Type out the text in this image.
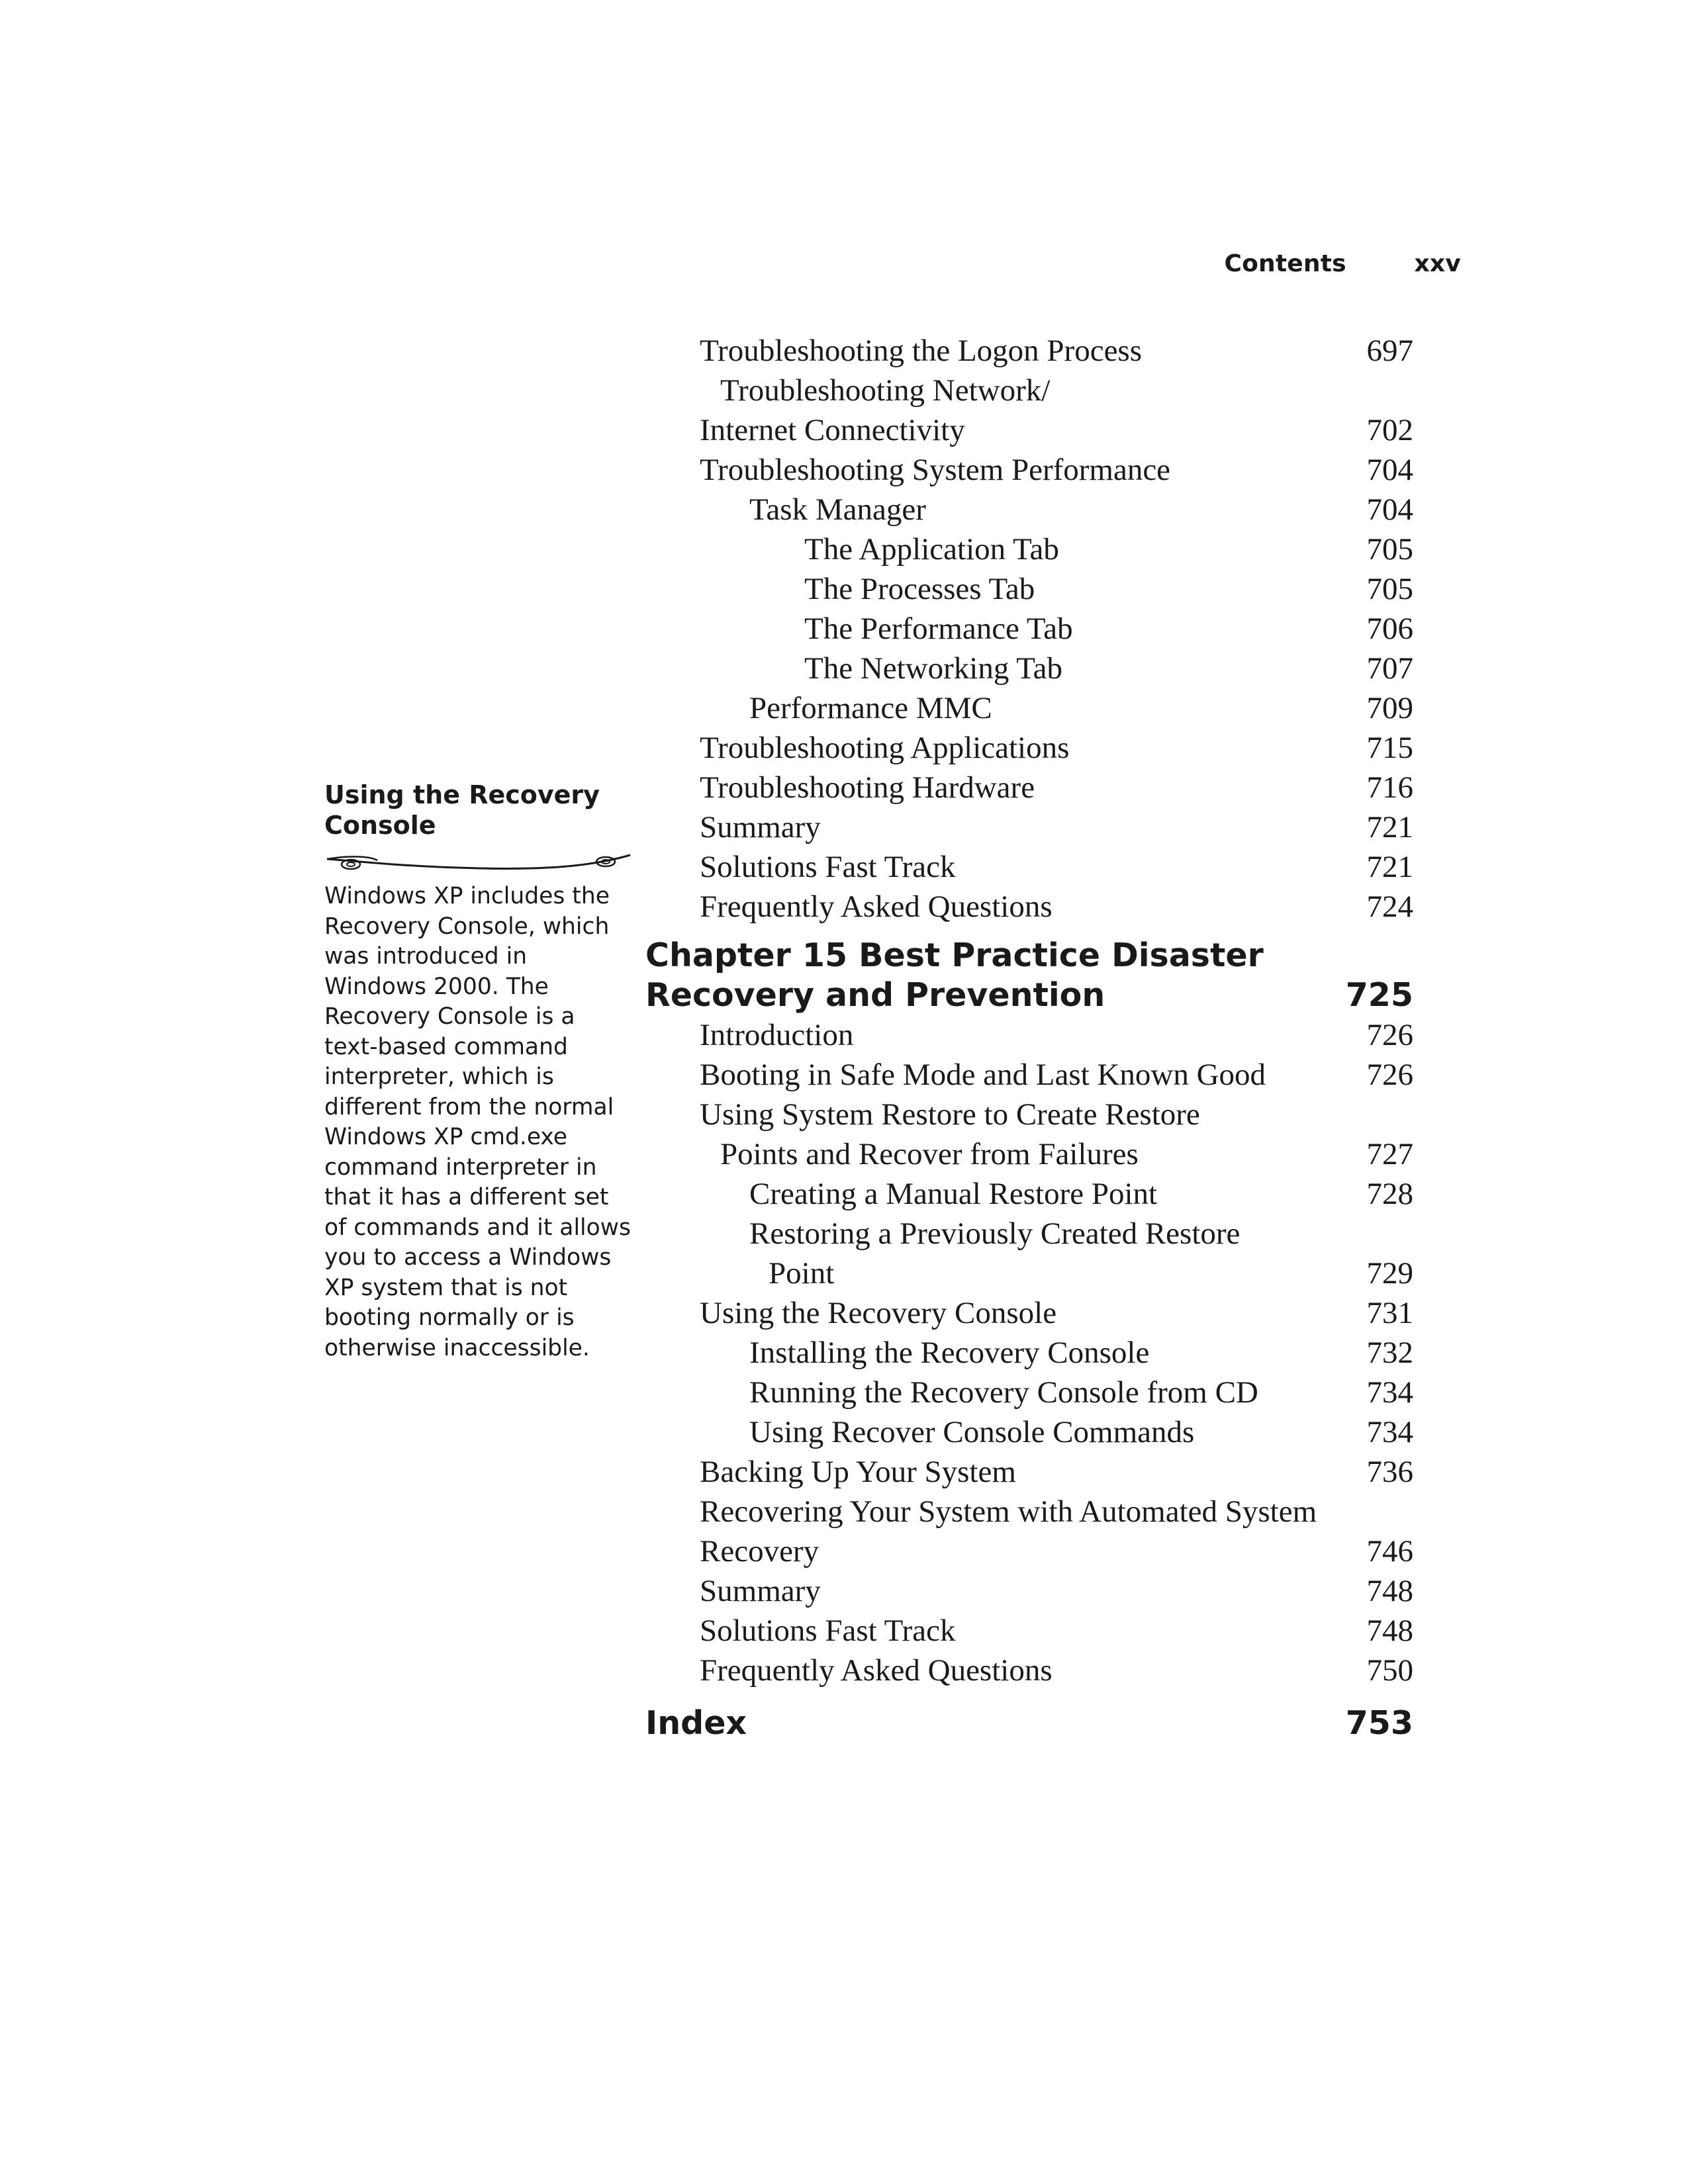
Contents	xxv
Using the Recovery Console
Windows XP includes the Recovery Console, which was introduced in Windows 2000. The Recovery Console is a text-based command interpreter, which is different from the normal Windows XP cmd.exe command interpreter in that it has a different set of commands and it allows you to access a Windows XP system that is not booting normally or is otherwise inaccessible.
Troubleshooting the Logon Process	697
Troubleshooting Network/
Internet Connectivity	702
Troubleshooting System Performance	704
Task Manager	704
The Application Tab	705
The Processes Tab	705
The Performance Tab	706
The Networking Tab	707
Performance MMC	709
Troubleshooting Applications	715
Troubleshooting Hardware	716
Summary	721
Solutions Fast Track	721
Frequently Asked Questions	724
Chapter 15 Best Practice Disaster
Recovery and Prevention	725
Introduction	726
Booting in Safe Mode and Last Known Good	726
Using System Restore to Create Restore
Points and Recover from Failures	727
Creating a Manual Restore Point	728
Restoring a Previously Created Restore
Point	729
Using the Recovery Console	731
Installing the Recovery Console	732
Running the Recovery Console from CD	734
Using Recover Console Commands	734
Backing Up Your System	736
Recovering Your System with Automated System
Recovery	746
Summary	748
Solutions Fast Track	748
Frequently Asked Questions	750
Index	753
